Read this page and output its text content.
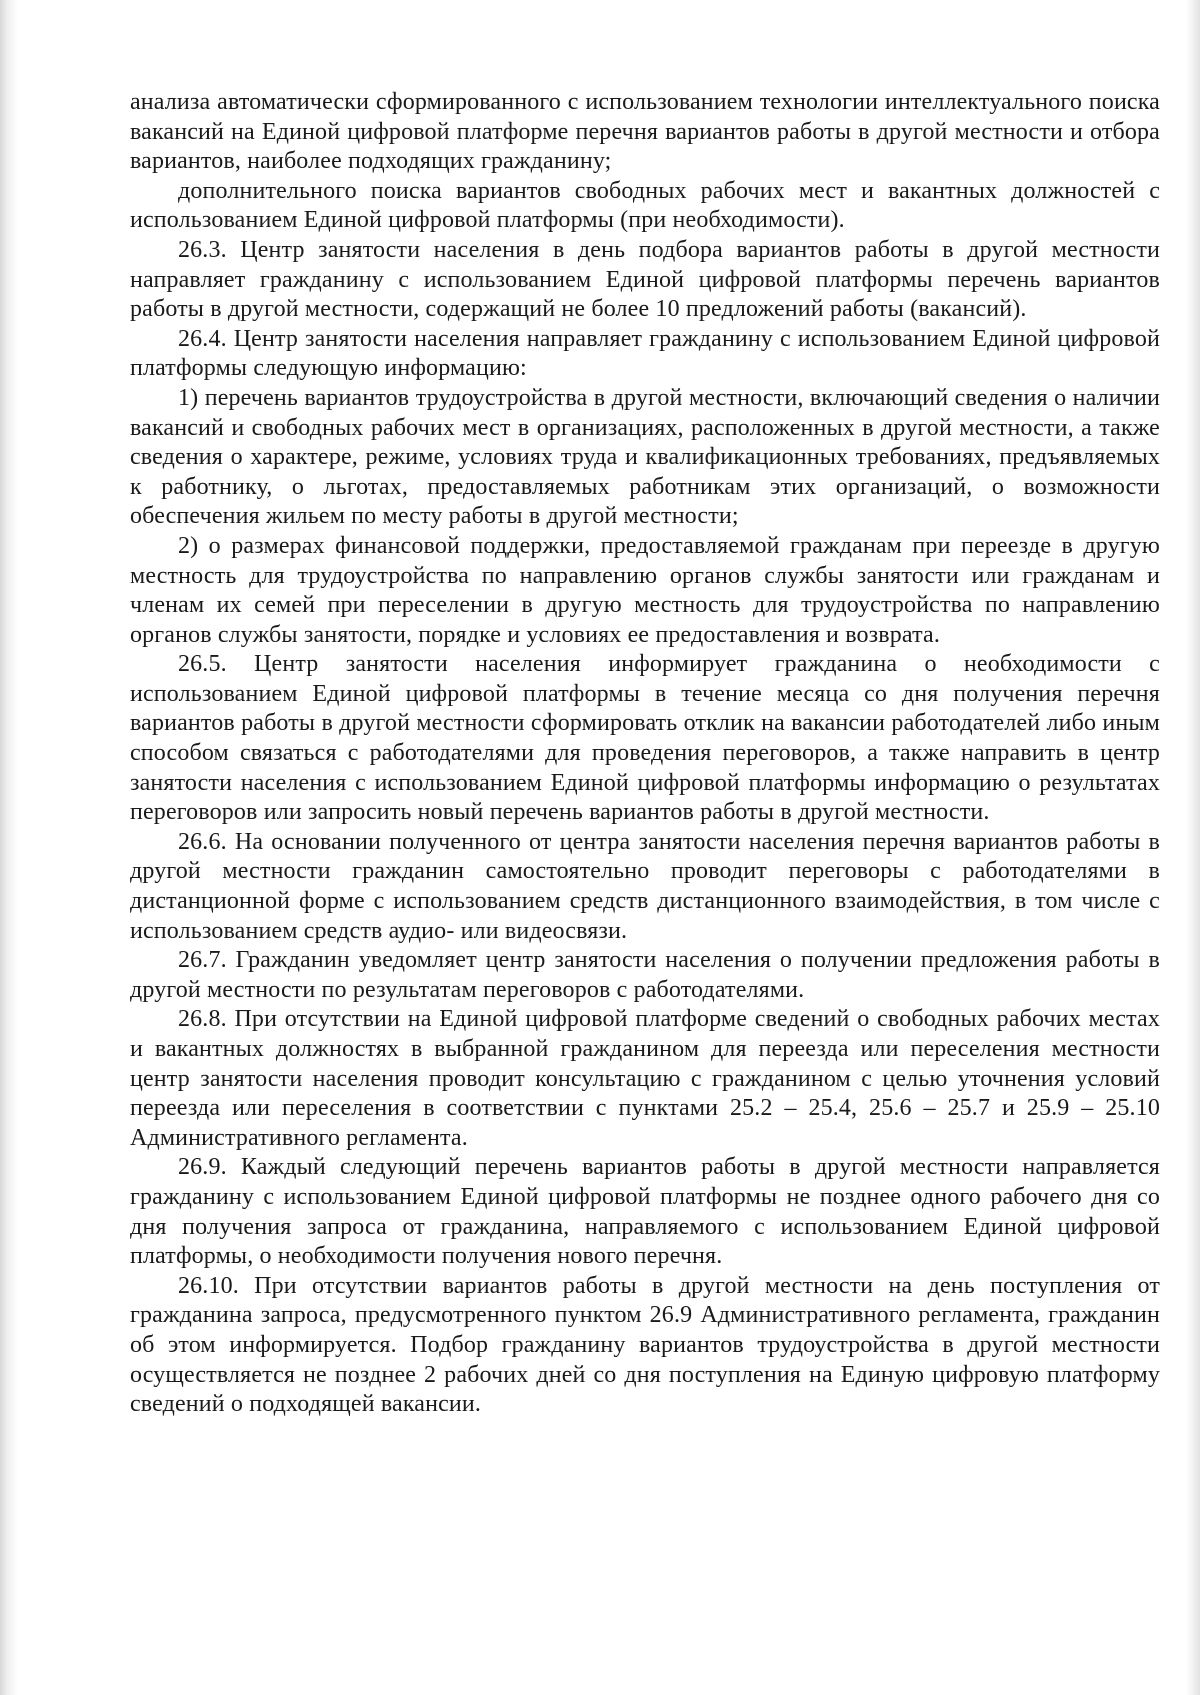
анализа автоматически сформированного с использованием технологии интеллектуального поиска вакансий на Единой цифровой платформе перечня вариантов работы в другой местности и отбора вариантов, наиболее подходящих гражданину;

дополнительного поиска вариантов свободных рабочих мест и вакантных должностей с использованием Единой цифровой платформы (при необходимости).

26.3. Центр занятости населения в день подбора вариантов работы в другой местности направляет гражданину с использованием Единой цифровой платформы перечень вариантов работы в другой местности, содержащий не более 10 предложений работы (вакансий).

26.4. Центр занятости населения направляет гражданину с использованием Единой цифровой платформы следующую информацию:

1) перечень вариантов трудоустройства в другой местности, включающий сведения о наличии вакансий и свободных рабочих мест в организациях, расположенных в другой местности, а также сведения о характере, режиме, условиях труда и квалификационных требованиях, предъявляемых к работнику, о льготах, предоставляемых работникам этих организаций, о возможности обеспечения жильем по месту работы в другой местности;

2) о размерах финансовой поддержки, предоставляемой гражданам при переезде в другую местность для трудоустройства по направлению органов службы занятости или гражданам и членам их семей при переселении в другую местность для трудоустройства по направлению органов службы занятости, порядке и условиях ее предоставления и возврата.

26.5. Центр занятости населения информирует гражданина о необходимости с использованием Единой цифровой платформы в течение месяца со дня получения перечня вариантов работы в другой местности сформировать отклик на вакансии работодателей либо иным способом связаться с работодателями для проведения переговоров, а также направить в центр занятости населения с использованием Единой цифровой платформы информацию о результатах переговоров или запросить новый перечень вариантов работы в другой местности.

26.6. На основании полученного от центра занятости населения перечня вариантов работы в другой местности гражданин самостоятельно проводит переговоры с работодателями в дистанционной форме с использованием средств дистанционного взаимодействия, в том числе с использованием средств аудио- или видеосвязи.

26.7. Гражданин уведомляет центр занятости населения о получении предложения работы в другой местности по результатам переговоров с работодателями.

26.8. При отсутствии на Единой цифровой платформе сведений о свободных рабочих местах и вакантных должностях в выбранной гражданином для переезда или переселения местности центр занятости населения проводит консультацию с гражданином с целью уточнения условий переезда или переселения в соответствии с пунктами 25.2 – 25.4, 25.6 – 25.7 и 25.9 – 25.10 Административного регламента.

26.9. Каждый следующий перечень вариантов работы в другой местности направляется гражданину с использованием Единой цифровой платформы не позднее одного рабочего дня со дня получения запроса от гражданина, направляемого с использованием Единой цифровой платформы, о необходимости получения нового перечня.

26.10. При отсутствии вариантов работы в другой местности на день поступления от гражданина запроса, предусмотренного пунктом 26.9 Административного регламента, гражданин об этом информируется. Подбор гражданину вариантов трудоустройства в другой местности осуществляется не позднее 2 рабочих дней со дня поступления на Единую цифровую платформу сведений о подходящей вакансии.
